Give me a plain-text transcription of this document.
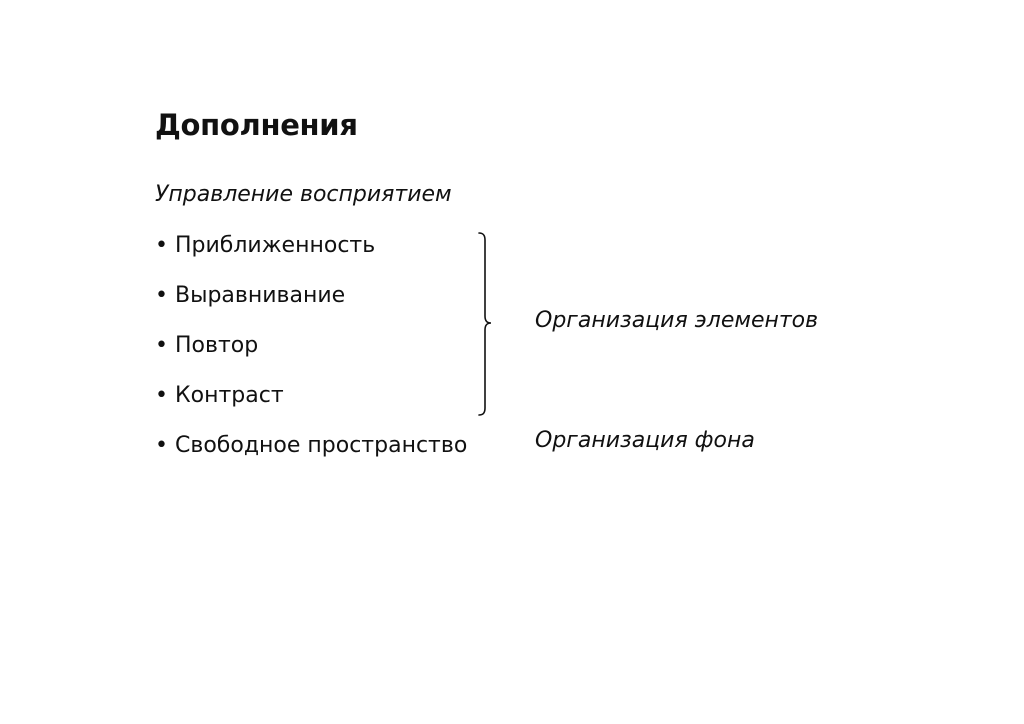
Дополнения
Управление восприятием
• Приближенность
• Выравнивание
• Повтор
• Контраст
• Свободное пространство
Организация элементов
Организация фона
